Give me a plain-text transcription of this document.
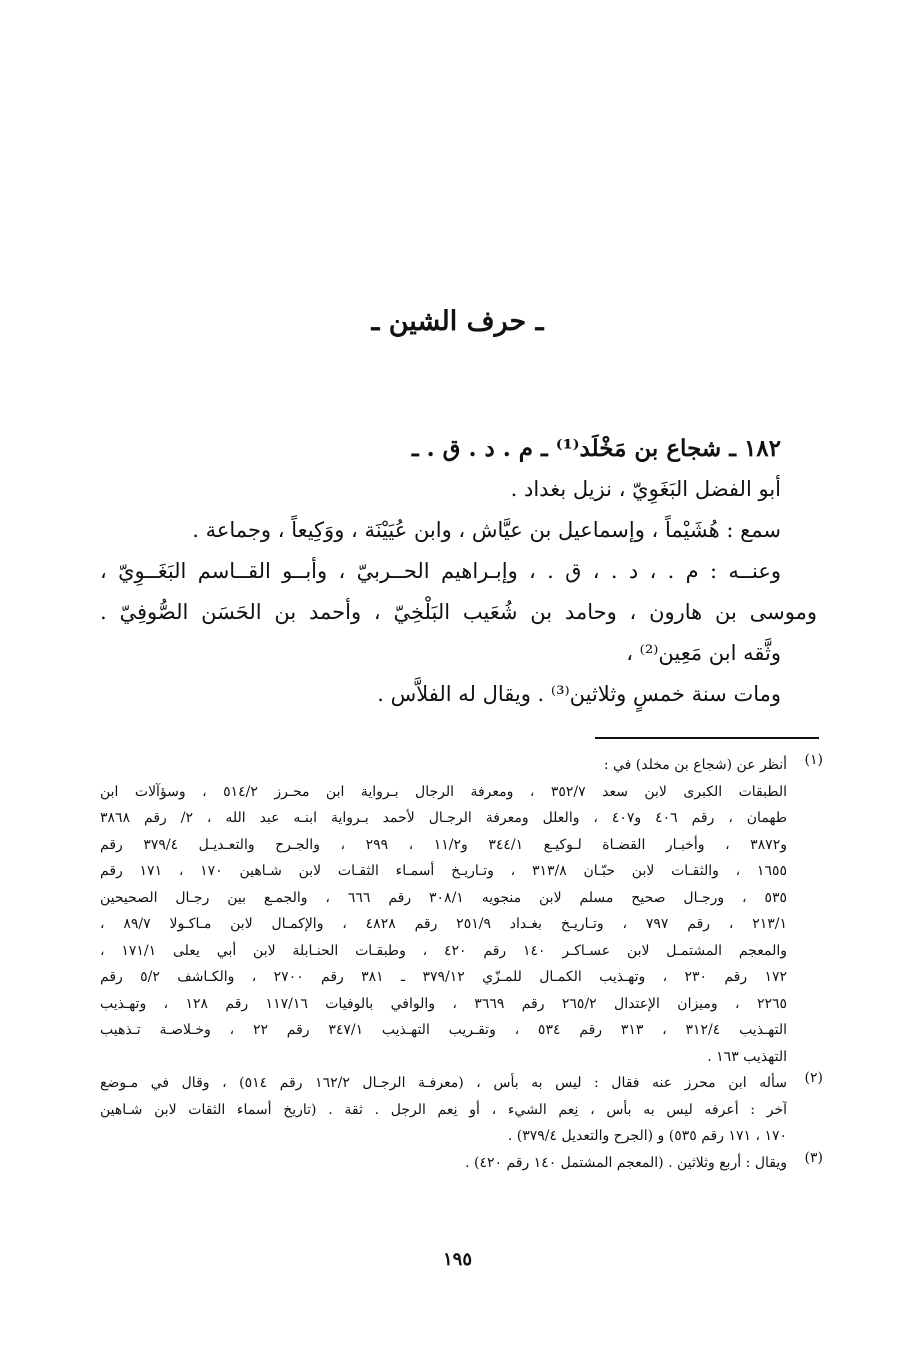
ـ حرف الشين ـ
١٨٢ ـ شجاع بن مَخْلَد⁽¹⁾ ـ م . د . ق . ـ
أبو الفضل البَغَوِيّ ، نزيل بغداد .
سمع : هُشَيْماً ، وإسماعيل بن عيَّاش ، وابن عُيَيْنَة ، ووَكِيعاً ، وجماعة .
وعنــه : م . ، د . ، ق . ، وإبـراهيم الحــربيّ ، وأبــو القــاسم البَغَــوِيّ ،
وموسى بن هارون ، وحامد بن شُعَيب البَلْخِيّ ، وأحمد بن الحَسَن الصُّوفِيّ .
وثَّقه ابن مَعِين⁽²⁾ ،
ومات سنة خمسٍ وثلاثين⁽³⁾ . ويقال له الفلاَّس .
(١)
أنظر عن (شجاع بن مخلد) في :
الطبقات الكبرى لابن سعد ٣٥٢/٧ ، ومعرفة الرجال بـرواية ابن محـرز ٥١٤/٢ ، وسؤآلات ابن
طهمان ، رقم ٤٠٦ و٤٠٧ ، والعلل ومعرفة الرجـال لأحمد بـرواية ابنـه عبد الله ، ٢/ رقم ٣٨٦٨
و٣٨٧٢ ، وأخبـار القضـاة لـوكيـع ٣٤٤/١ و١١/٢ ، ٢٩٩ ، والجـرح والتعـديـل ٣٧٩/٤ رقم
١٦٥٥ ، والثقـات لابن حبّـان ٣١٣/٨ ، وتـاريـخ أسمـاء الثقـات لابن شـاهين ١٧٠ ، ١٧١ رقم
٥٣٥ ، ورجـال صحيح مسلم لابن منجويه ٣٠٨/١ رقم ٦٦٦ ، والجمـع بين رجـال الصحيحين
٢١٣/١ ، رقم ٧٩٧ ، وتـاريـخ بغـداد ٢٥١/٩ رقم ٤٨٢٨ ، والإكمـال لابن مـاكـولا ٨٩/٧ ،
والمعجم المشتمـل لابن عسـاكـر ١٤٠ رقم ٤٢٠ ، وطبقـات الحنـابلة لابن أبي يعلى ١٧١/١ ،
١٧٢ رقم ٢٣٠ ، وتهـذيب الكمـال للمـزّي ٣٧٩/١٢ ـ ٣٨١ رقم ٢٧٠٠ ، والكـاشف ٥/٢ رقم
٢٢٦٥ ، وميزان الإعتدال ٢٦٥/٢ رقم ٣٦٦٩ ، والوافي بالوفيات ١١٧/١٦ رقم ١٢٨ ، وتهـذيب
التهـذيب ٣١٢/٤ ، ٣١٣ رقم ٥٣٤ ، وتقـريب التهـذيب ٣٤٧/١ رقم ٢٢ ، وخـلاصـة تـذهيب
التهذيب ١٦٣ .
(٢)
سأله ابن محرز عنه فقال : ليس به بأس ، (معرفـة الرجـال ١٦٢/٢ رقم ٥١٤) ، وقال في مـوضع
آخر : أعرفه ليس به بأس ، نِعم الشيء ، أو نِعم الرجل . ثقة . (تاريخ أسماء الثقات لابن شـاهين
١٧٠ ، ١٧١ رقم ٥٣٥) و (الجرح والتعديل ٣٧٩/٤) .
(٣)
ويقال : أربع وثلاثين . (المعجم المشتمل ١٤٠ رقم ٤٢٠) .
١٩٥
